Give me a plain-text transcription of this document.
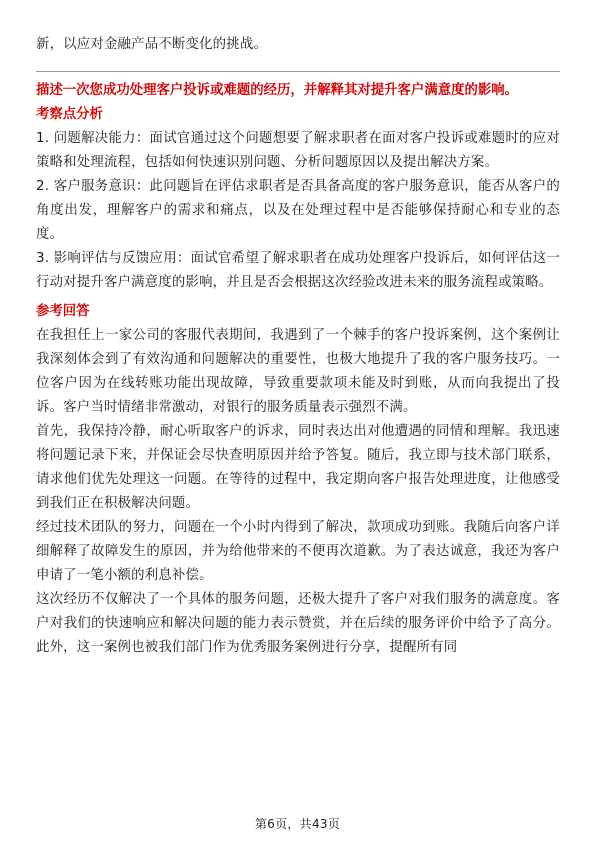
新，以应对金融产品不断变化的挑战。

描述一次您成功处理客户投诉或难题的经历，并解释其对提升客户满意度的影响。
考察点分析

1. 问题解决能力：面试官通过这个问题想要了解求职者在面对客户投诉或难题时的应对策略和处理流程，包括如何快速识别问题、分析问题原因以及提出解决方案。

2. 客户服务意识：此问题旨在评估求职者是否具备高度的客户服务意识，能否从客户的角度出发，理解客户的需求和痛点，以及在处理过程中是否能够保持耐心和专业的态度。

3. 影响评估与反馈应用：面试官希望了解求职者在成功处理客户投诉后，如何评估这一行动对提升客户满意度的影响，并且是否会根据这次经验改进未来的服务流程或策略。

参考回答

在我担任上一家公司的客服代表期间，我遇到了一个棘手的客户投诉案例，这个案例让我深刻体会到了有效沟通和问题解决的重要性，也极大地提升了我的客户服务技巧。一位客户因为在线转账功能出现故障，导致重要款项未能及时到账，从而向我提出了投诉。客户当时情绪非常激动，对银行的服务质量表示强烈不满。

首先，我保持冷静，耐心听取客户的诉求，同时表达出对他遭遇的同情和理解。我迅速将问题记录下来，并保证会尽快查明原因并给予答复。随后，我立即与技术部门联系，请求他们优先处理这一问题。在等待的过程中，我定期向客户报告处理进度，让他感受到我们正在积极解决问题。

经过技术团队的努力，问题在一个小时内得到了解决，款项成功到账。我随后向客户详细解释了故障发生的原因，并为给他带来的不便再次道歉。为了表达诚意，我还为客户申请了一笔小额的利息补偿。

这次经历不仅解决了一个具体的服务问题，还极大提升了客户对我们服务的满意度。客户对我们的快速响应和解决问题的能力表示赞赏，并在后续的服务评价中给予了高分。此外，这一案例也被我们部门作为优秀服务案例进行分享，提醒所有同

第6页，共43页
